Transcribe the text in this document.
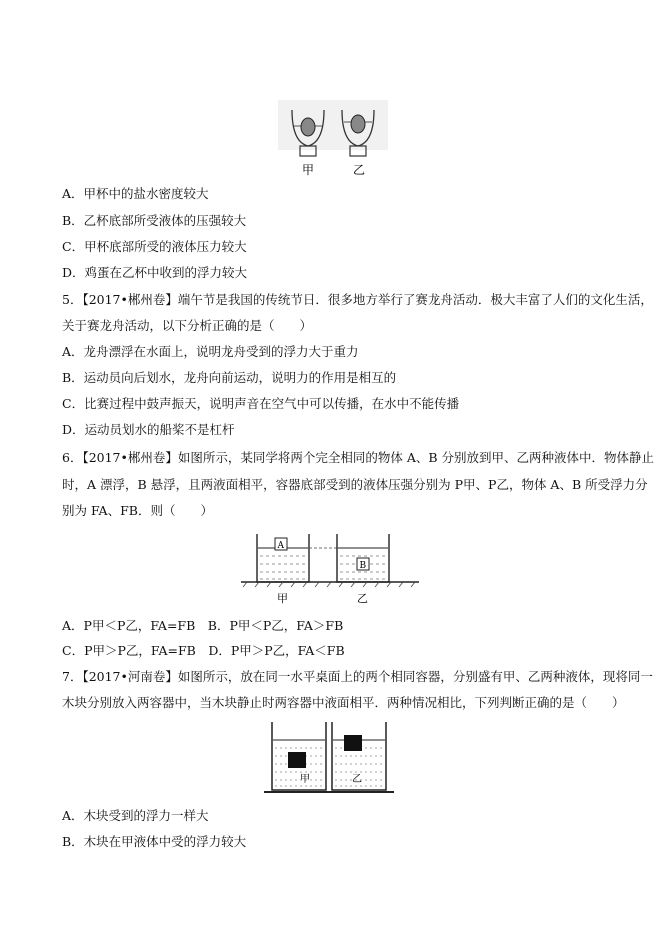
甲	乙
A．甲杯中的盐水密度较大
B．乙杯底部所受液体的压强较大
C．甲杯底部所受的液体压力较大
D．鸡蛋在乙杯中收到的浮力较大
5．【2017•郴州卷】端午节是我国的传统节日．很多地方举行了赛龙舟活动．极大丰富了人们的文化生活，
关于赛龙舟活动，以下分析正确的是（　　）
A．龙舟漂浮在水面上，说明龙舟受到的浮力大于重力
B．运动员向后划水，龙舟向前运动，说明力的作用是相互的
C．比赛过程中鼓声振天，说明声音在空气中可以传播，在水中不能传播
D．运动员划水的船桨不是杠杆
6．【2017•郴州卷】如图所示，某同学将两个完全相同的物体 A、B 分别放到甲、乙两种液体中．物体静止
时，A 漂浮，B 悬浮，且两液面相平，容器底部受到的液体压强分别为 P甲、P乙，物体 A、B 所受浮力分
别为 FA、FB．则（　　）
A
B
甲	乙
A．P甲＜P乙，FA=FB　B．P甲＜P乙，FA＞FB
C．P甲＞P乙，FA=FB　D．P甲＞P乙，FA＜FB
7．【2017•河南卷】如图所示，放在同一水平桌面上的两个相同容器，分别盛有甲、乙两种液体，现将同一
木块分别放入两容器中，当木块静止时两容器中液面相平．两种情况相比，下列判断正确的是（　　）
甲	乙
A．木块受到的浮力一样大
B．木块在甲液体中受的浮力较大
